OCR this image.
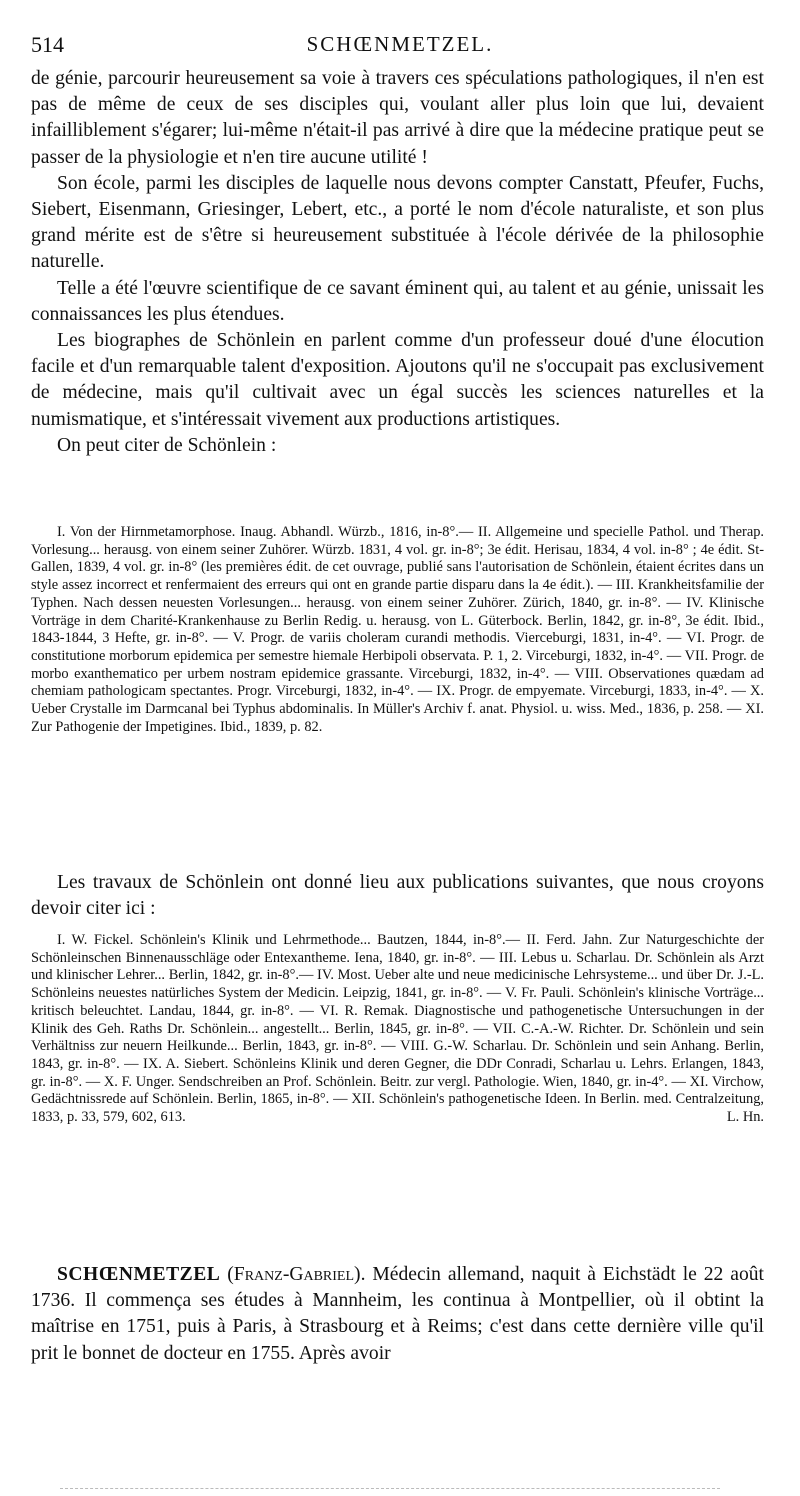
514	SCHŒNMETZEL.

de génie, parcourir heureusement sa voie à travers ces spéculations pathologiques, il n'en est pas de même de ceux de ses disciples qui, voulant aller plus loin que lui, devaient infailliblement s'égarer; lui-même n'était-il pas arrivé à dire que la médecine pratique peut se passer de la physiologie et n'en tire aucune utilité !

Son école, parmi les disciples de laquelle nous devons compter Canstatt, Pfeufer, Fuchs, Siebert, Eisenmann, Griesinger, Lebert, etc., a porté le nom d'école naturaliste, et son plus grand mérite est de s'être si heureusement substituée à l'école dérivée de la philosophie naturelle.

Telle a été l'œuvre scientifique de ce savant éminent qui, au talent et au génie, unissait les connaissances les plus étendues.

Les biographes de Schönlein en parlent comme d'un professeur doué d'une élocution facile et d'un remarquable talent d'exposition. Ajoutons qu'il ne s'occupait pas exclusivement de médecine, mais qu'il cultivait avec un égal succès les sciences naturelles et la numismatique, et s'intéressait vivement aux productions artistiques.

On peut citer de Schönlein :

I. Von der Hirnmetamorphose. Inaug. Abhandl. Würzb., 1816, in-8°.— II. Allgemeine und specielle Pathol. und Therap. Vorlesung... herausg. von einem seiner Zuhörer. Würzb. 1831, 4 vol. gr. in-8°; 3e édit. Herisau, 1834, 4 vol. in-8° ; 4e édit. St-Gallen, 1839, 4 vol. gr. in-8° (les premières édit. de cet ouvrage, publié sans l'autorisation de Schönlein, étaient écrites dans un style assez incorrect et renfermaient des erreurs qui ont en grande partie disparu dans la 4e édit.). — III. Krankheitsfamilie der Typhen. Nach dessen neuesten Vorlesungen... herausg. von einem seiner Zuhörer. Zürich, 1840, gr. in-8°. — IV. Klinische Vorträge in dem Charité-Krankenhause zu Berlin Redig. u. herausg. von L. Güterbock. Berlin, 1842, gr. in-8°, 3e édit. Ibid., 1843-1844, 3 Hefte, gr. in-8°. — V. Progr. de variis choleram curandi methodis. Vierceburgi, 1831, in-4°. — VI. Progr. de constitutione morborum epidemica per semestre hiemale Herbipoli observata. P. 1, 2. Virceburgi, 1832, in-4°. — VII. Progr. de morbo exanthematico per urbem nostram epidemice grassante. Virceburgi, 1832, in-4°. — VIII. Observationes quædam ad chemiam pathologicam spectantes. Progr. Virceburgi, 1832, in-4°. — IX. Progr. de empyemate. Virceburgi, 1833, in-4°. — X. Ueber Crystalle im Darmcanal bei Typhus abdominalis. In Müller's Archiv f. anat. Physiol. u. wiss. Med., 1836, p. 258. — XI. Zur Pathogenie der Impetigines. Ibid., 1839, p. 82.

Les travaux de Schönlein ont donné lieu aux publications suivantes, que nous croyons devoir citer ici :

I. W. Fickel. Schönlein's Klinik und Lehrmethode... Bautzen, 1844, in-8°.— II. Ferd. Jahn. Zur Naturgeschichte der Schönleinschen Binnenausschläge oder Entexantheme. Iena, 1840, gr. in-8°. — III. Lebus u. Scharlau. Dr. Schönlein als Arzt und klinischer Lehrer... Berlin, 1842, gr. in-8°.— IV. Most. Ueber alte und neue medicinische Lehrsysteme... und über Dr. J.-L. Schönleins neuestes natürliches System der Medicin. Leipzig, 1841, gr. in-8°. — V. Fr. Pauli. Schönlein's klinische Vorträge... kritisch beleuchtet. Landau, 1844, gr. in-8°. — VI. R. Remak. Diagnostische und pathogenetische Untersuchungen in der Klinik des Geh. Raths Dr. Schönlein... angestellt... Berlin, 1845, gr. in-8°. — VII. C.-A.-W. Richter. Dr. Schönlein und sein Verhältniss zur neuern Heilkunde... Berlin, 1843, gr. in-8°. — VIII. G.-W. Scharlau. Dr. Schönlein und sein Anhang. Berlin, 1843, gr. in-8°. — IX. A. Siebert. Schönleins Klinik und deren Gegner, die DDr Conradi, Scharlau u. Lehrs. Erlangen, 1843, gr. in-8°. — X. F. Unger. Sendschreiben an Prof. Schönlein. Beitr. zur vergl. Pathologie. Wien, 1840, gr. in-4°. — XI. Virchow, Gedächtnissrede auf Schönlein. Berlin, 1865, in-8°. — XII. Schönlein's pathogenetische Ideen. In Berlin. med. Centralzeitung, 1833, p. 33, 579, 602, 613.	L. Hn.

SCHŒNMETZEL (Franz-Gabriel). Médecin allemand, naquit à Eichstädt le 22 août 1736. Il commença ses études à Mannheim, les continua à Montpellier, où il obtint la maîtrise en 1751, puis à Paris, à Strasbourg et à Reims; c'est dans cette dernière ville qu'il prit le bonnet de docteur en 1755. Après avoir
